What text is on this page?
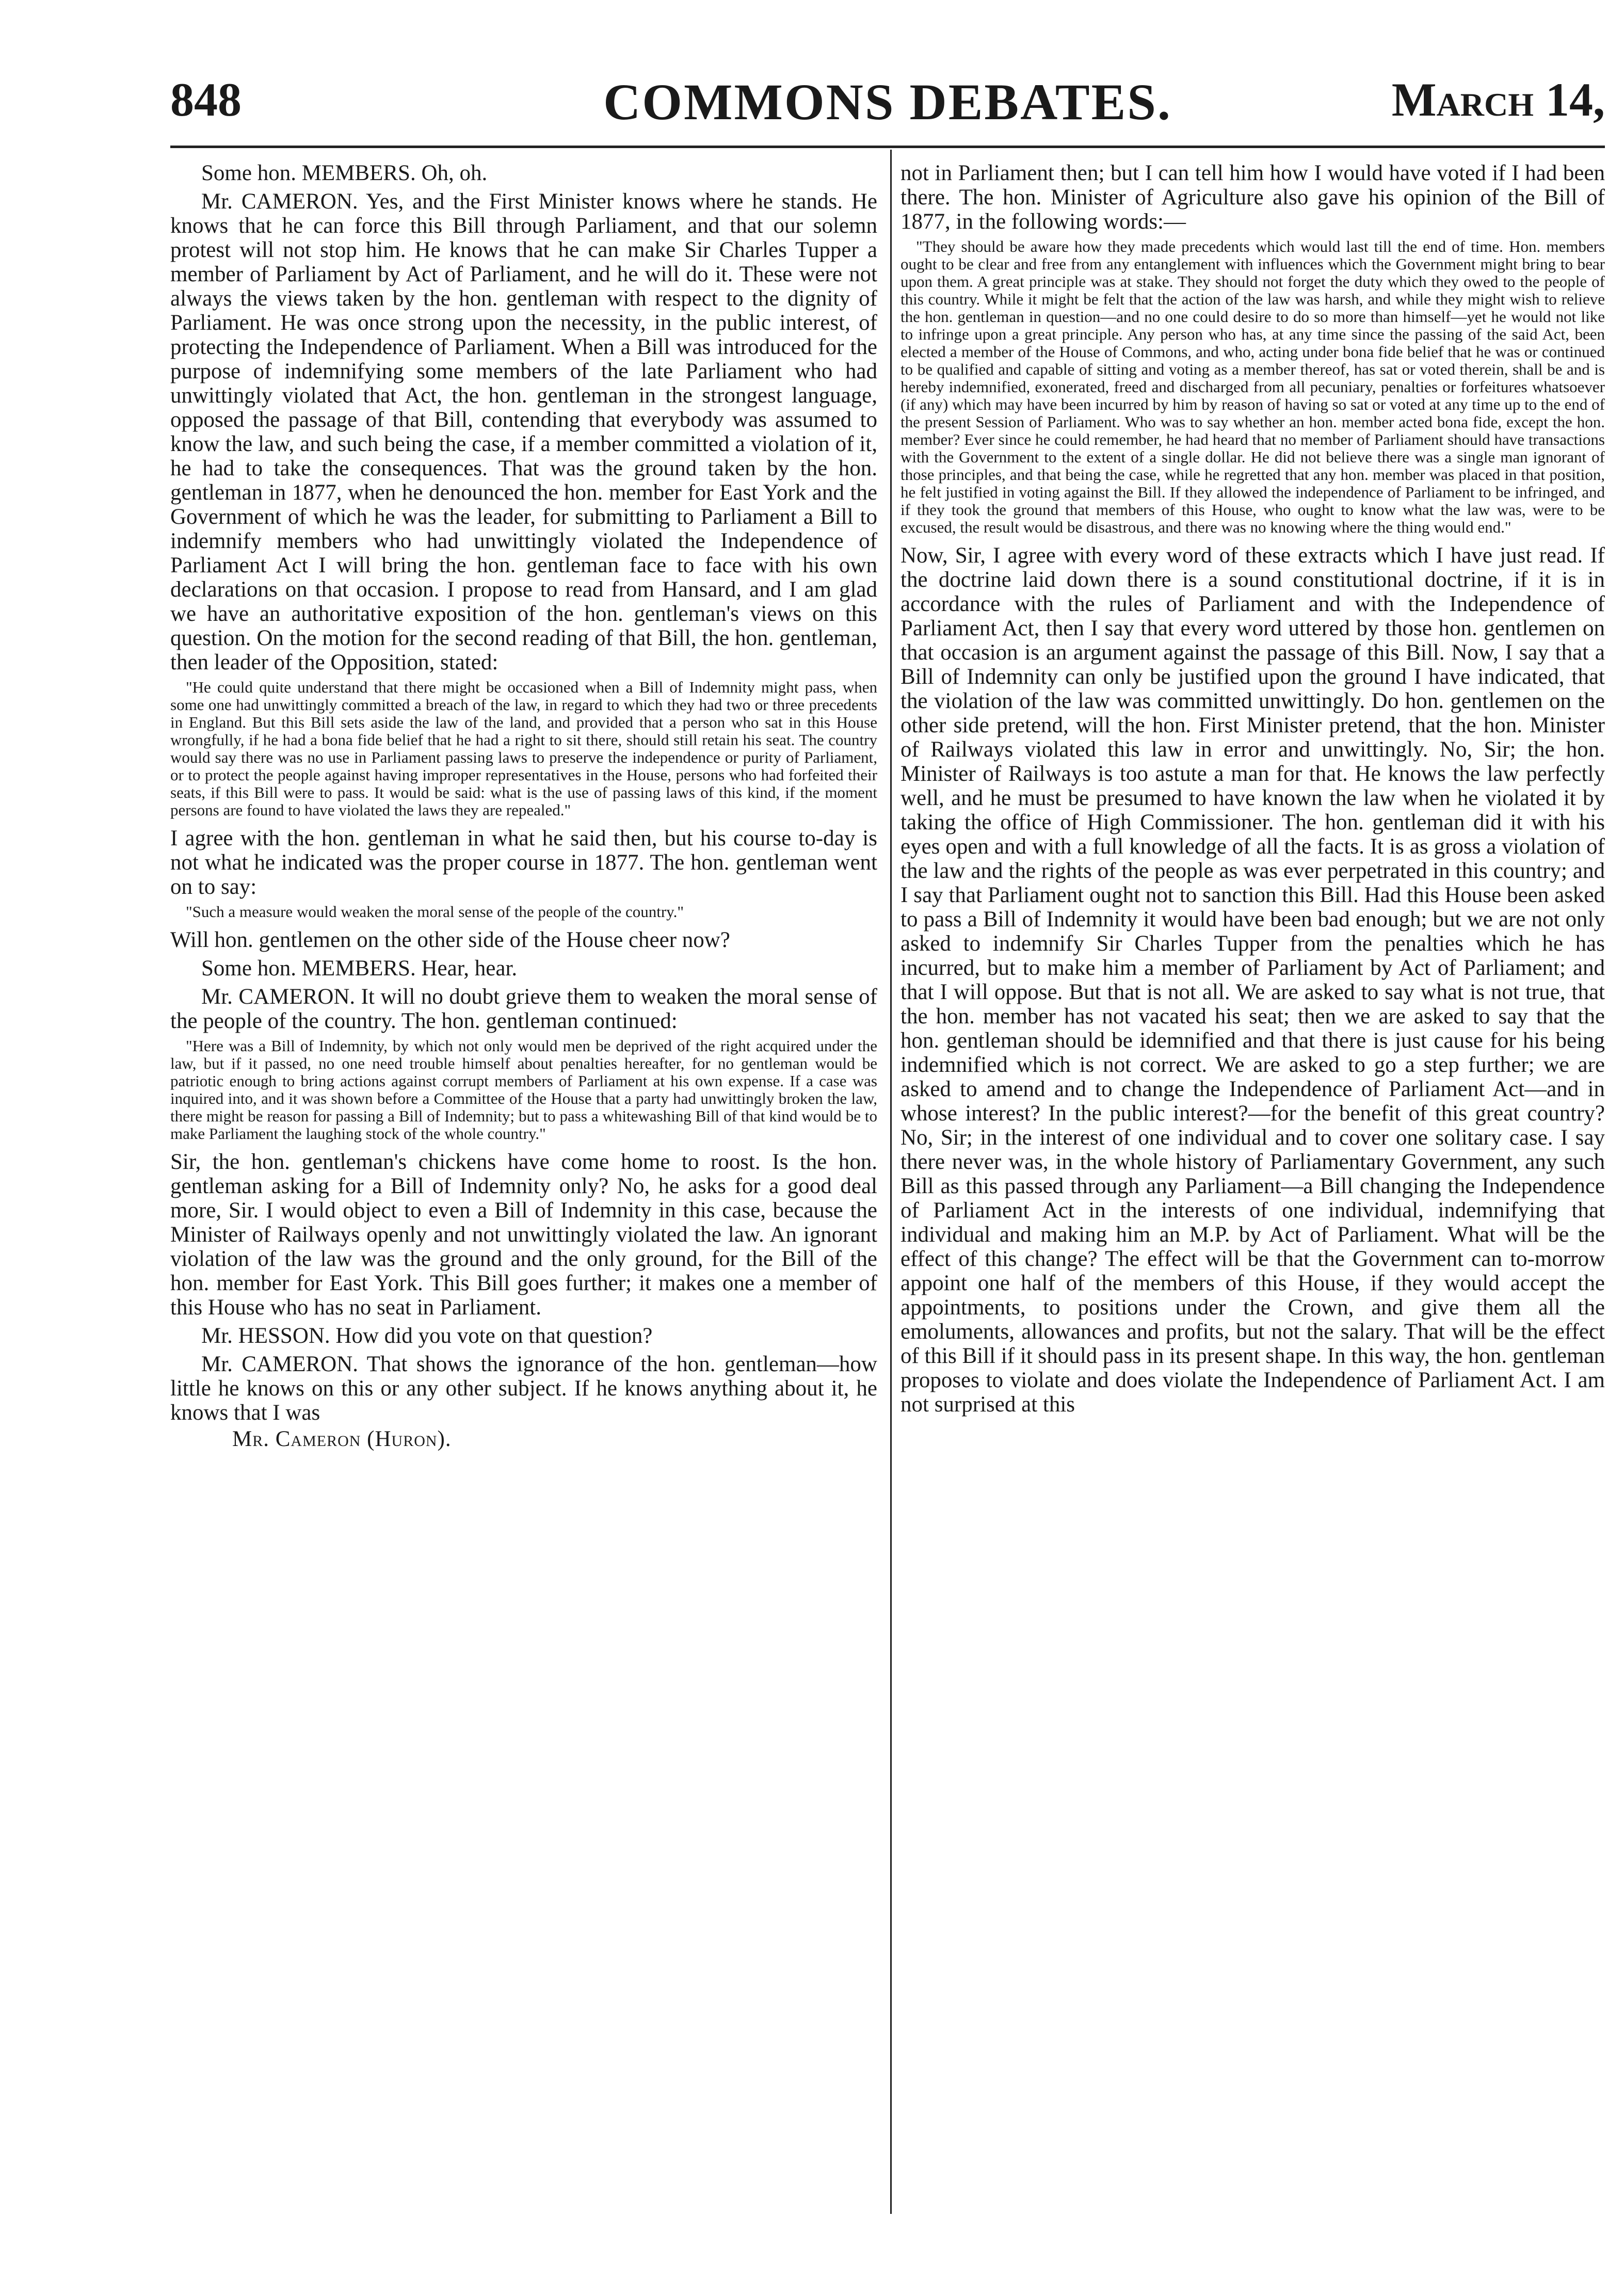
848	COMMONS DEBATES.	March 14,

Some hon. MEMBERS. Oh, oh.

Mr. CAMERON. Yes, and the First Minister knows where he stands. He knows that he can force this Bill through Parliament, and that our solemn protest will not stop him. He knows that he can make Sir Charles Tupper a member of Parliament by Act of Parliament, and he will do it. These were not always the views taken by the hon. gentleman with respect to the dignity of Parliament. He was once strong upon the necessity, in the public interest, of protecting the Independence of Parliament. When a Bill was introduced for the purpose of indemnifying some members of the late Parliament who had unwittingly violated that Act, the hon. gentleman in the strongest language, opposed the passage of that Bill, contending that everybody was assumed to know the law, and such being the case, if a member committed a violation of it, he had to take the consequences. That was the ground taken by the hon. gentleman in 1877, when he denounced the hon. member for East York and the Government of which he was the leader, for submitting to Parliament a Bill to indemnify members who had unwittingly violated the Independence of Parliament Act I will bring the hon. gentleman face to face with his own declarations on that occasion. I propose to read from Hansard, and I am glad we have an authoritative exposition of the hon. gentleman's views on this question. On the motion for the second reading of that Bill, the hon. gentleman, then leader of the Opposition, stated:

"He could quite understand that there might be occasioned when a Bill of Indemnity might pass, when some one had unwittingly committed a breach of the law, in regard to which they had two or three precedents in England. But this Bill sets aside the law of the land, and provided that a person who sat in this House wrongfully, if he had a bona fide belief that he had a right to sit there, should still retain his seat. The country would say there was no use in Parliament passing laws to preserve the independence or purity of Parliament, or to protect the people against having improper representatives in the House, persons who had forfeited their seats, if this Bill were to pass. It would be said: what is the use of passing laws of this kind, if the moment persons are found to have violated the laws they are repealed."

I agree with the hon. gentleman in what he said then, but his course to-day is not what he indicated was the proper course in 1877. The hon. gentleman went on to say:

"Such a measure would weaken the moral sense of the people of the country."

Will hon. gentlemen on the other side of the House cheer now?

Some hon. MEMBERS. Hear, hear.

Mr. CAMERON. It will no doubt grieve them to weaken the moral sense of the people of the country. The hon. gentleman continued:

"Here was a Bill of Indemnity, by which not only would men be deprived of the right acquired under the law, but if it passed, no one need trouble himself about penalties hereafter, for no gentleman would be patriotic enough to bring actions against corrupt members of Parliament at his own expense. If a case was inquired into, and it was shown before a Committee of the House that a party had unwittingly broken the law, there might be reason for passing a Bill of Indemnity; but to pass a whitewashing Bill of that kind would be to make Parliament the laughing stock of the whole country."

Sir, the hon. gentleman's chickens have come home to roost. Is the hon. gentleman asking for a Bill of Indemnity only? No, he asks for a good deal more, Sir. I would object to even a Bill of Indemnity in this case, because the Minister of Railways openly and not unwittingly violated the law. An ignorant violation of the law was the ground and the only ground, for the Bill of the hon. member for East York. This Bill goes further; it makes one a member of this House who has no seat in Parliament.

Mr. HESSON. How did you vote on that question?

Mr. CAMERON. That shows the ignorance of the hon. gentleman—how little he knows on this or any other subject. If he knows anything about it, he knows that I was

Mr. Cameron (Huron).

not in Parliament then; but I can tell him how I would have voted if I had been there. The hon. Minister of Agriculture also gave his opinion of the Bill of 1877, in the following words:—

"They should be aware how they made precedents which would last till the end of time. Hon. members ought to be clear and free from any entanglement with influences which the Government might bring to bear upon them. A great principle was at stake. They should not forget the duty which they owed to the people of this country. While it might be felt that the action of the law was harsh, and while they might wish to relieve the hon. gentleman in question—and no one could desire to do so more than himself—yet he would not like to infringe upon a great principle. Any person who has, at any time since the passing of the said Act, been elected a member of the House of Commons, and who, acting under bona fide belief that he was or continued to be qualified and capable of sitting and voting as a member thereof, has sat or voted therein, shall be and is hereby indemnified, exonerated, freed and discharged from all pecuniary, penalties or forfeitures whatsoever (if any) which may have been incurred by him by reason of having so sat or voted at any time up to the end of the present Session of Parliament. Who was to say whether an hon. member acted bona fide, except the hon. member? Ever since he could remember, he had heard that no member of Parliament should have transactions with the Government to the extent of a single dollar. He did not believe there was a single man ignorant of those principles, and that being the case, while he regretted that any hon. member was placed in that position, he felt justified in voting against the Bill. If they allowed the independence of Parliament to be infringed, and if they took the ground that members of this House, who ought to know what the law was, were to be excused, the result would be disastrous, and there was no knowing where the thing would end."

Now, Sir, I agree with every word of these extracts which I have just read. If the doctrine laid down there is a sound constitutional doctrine, if it is in accordance with the rules of Parliament and with the Independence of Parliament Act, then I say that every word uttered by those hon. gentlemen on that occasion is an argument against the passage of this Bill. Now, I say that a Bill of Indemnity can only be justified upon the ground I have indicated, that the violation of the law was committed unwittingly. Do hon. gentlemen on the other side pretend, will the hon. First Minister pretend, that the hon. Minister of Railways violated this law in error and unwittingly. No, Sir; the hon. Minister of Railways is too astute a man for that. He knows the law perfectly well, and he must be presumed to have known the law when he violated it by taking the office of High Commissioner. The hon. gentleman did it with his eyes open and with a full knowledge of all the facts. It is as gross a violation of the law and the rights of the people as was ever perpetrated in this country; and I say that Parliament ought not to sanction this Bill. Had this House been asked to pass a Bill of Indemnity it would have been bad enough; but we are not only asked to indemnify Sir Charles Tupper from the penalties which he has incurred, but to make him a member of Parliament by Act of Parliament; and that I will oppose. But that is not all. We are asked to say what is not true, that the hon. member has not vacated his seat; then we are asked to say that the hon. gentleman should be idemnified and that there is just cause for his being indemnified which is not correct. We are asked to go a step further; we are asked to amend and to change the Independence of Parliament Act—and in whose interest? In the public interest?—for the benefit of this great country? No, Sir; in the interest of one individual and to cover one solitary case. I say there never was, in the whole history of Parliamentary Government, any such Bill as this passed through any Parliament—a Bill changing the Independence of Parliament Act in the interests of one individual, indemnifying that individual and making him an M.P. by Act of Parliament. What will be the effect of this change? The effect will be that the Government can to-morrow appoint one half of the members of this House, if they would accept the appointments, to positions under the Crown, and give them all the emoluments, allowances and profits, but not the salary. That will be the effect of this Bill if it should pass in its present shape. In this way, the hon. gentleman proposes to violate and does violate the Independence of Parliament Act. I am not surprised at this
